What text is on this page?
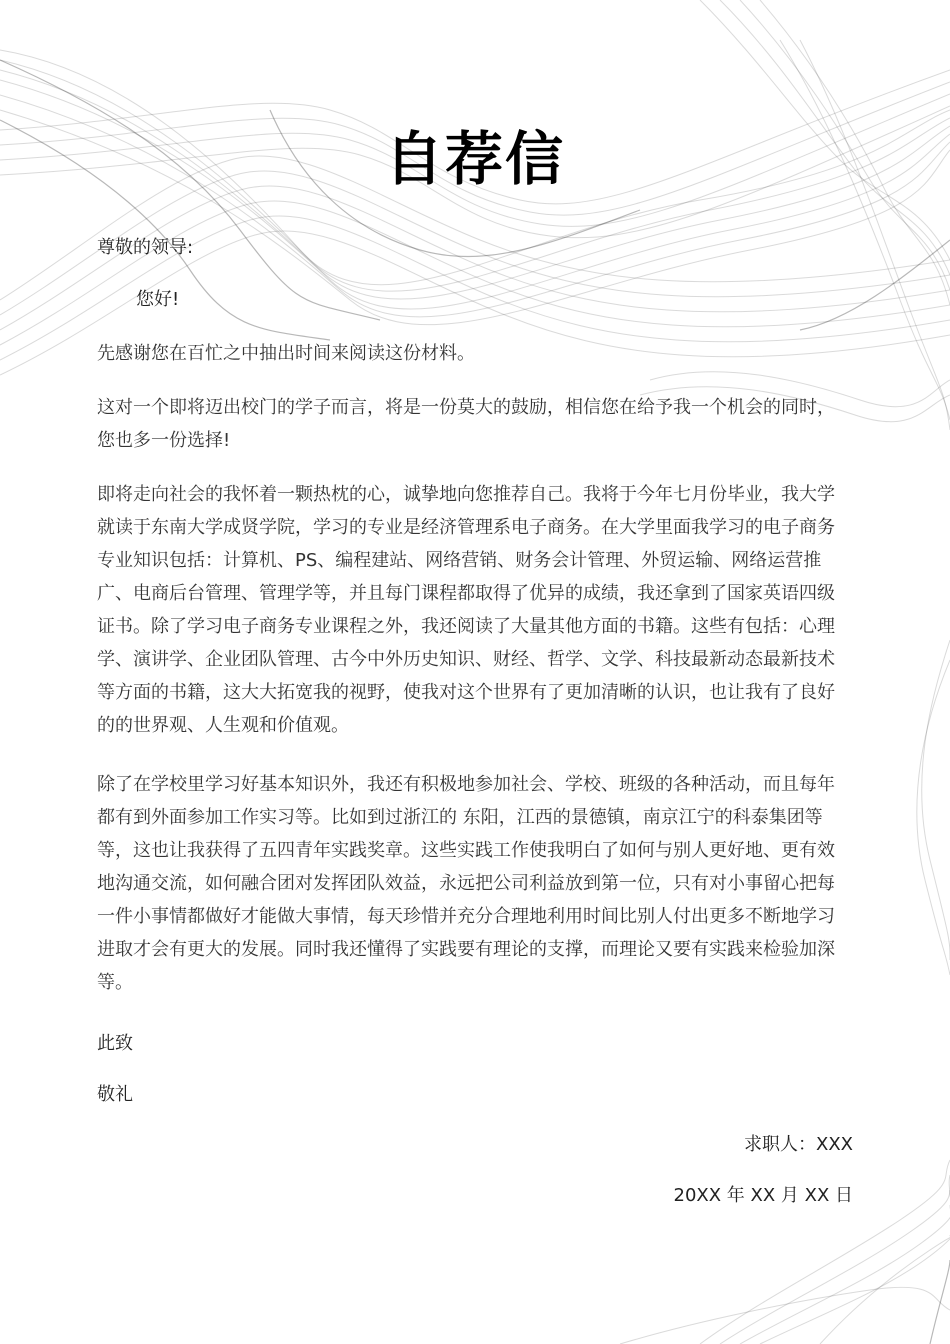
自荐信

尊敬的领导:

您好!

先感谢您在百忙之中抽出时间来阅读这份材料。

这对一个即将迈出校门的学子而言，将是一份莫大的鼓励，相信您在给予我一个机会的同时，您也多一份选择!

即将走向社会的我怀着一颗热枕的心，诚挚地向您推荐自己。我将于今年七月份毕业，我大学就读于东南大学成贤学院，学习的专业是经济管理系电子商务。在大学里面我学习的电子商务专业知识包括：计算机、PS、编程建站、网络营销、财务会计管理、外贸运输、网络运营推广、电商后台管理、管理学等，并且每门课程都取得了优异的成绩，我还拿到了国家英语四级证书。除了学习电子商务专业课程之外，我还阅读了大量其他方面的书籍。这些有包括：心理学、演讲学、企业团队管理、古今中外历史知识、财经、哲学、文学、科技最新动态最新技术等方面的书籍，这大大拓宽我的视野，使我对这个世界有了更加清晰的认识，也让我有了良好的的世界观、人生观和价值观。

除了在学校里学习好基本知识外，我还有积极地参加社会、学校、班级的各种活动，而且每年都有到外面参加工作实习等。比如到过浙江的 东阳，江西的景德镇，南京江宁的科泰集团等等，这也让我获得了五四青年实践奖章。这些实践工作使我明白了如何与别人更好地、更有效地沟通交流，如何融合团对发挥团队效益，永远把公司利益放到第一位，只有对小事留心把每一件小事情都做好才能做大事情，每天珍惜并充分合理地利用时间比别人付出更多不断地学习进取才会有更大的发展。同时我还懂得了实践要有理论的支撑，而理论又要有实践来检验加深等。

此致

敬礼

求职人：XXX

20XX 年 XX 月 XX 日
